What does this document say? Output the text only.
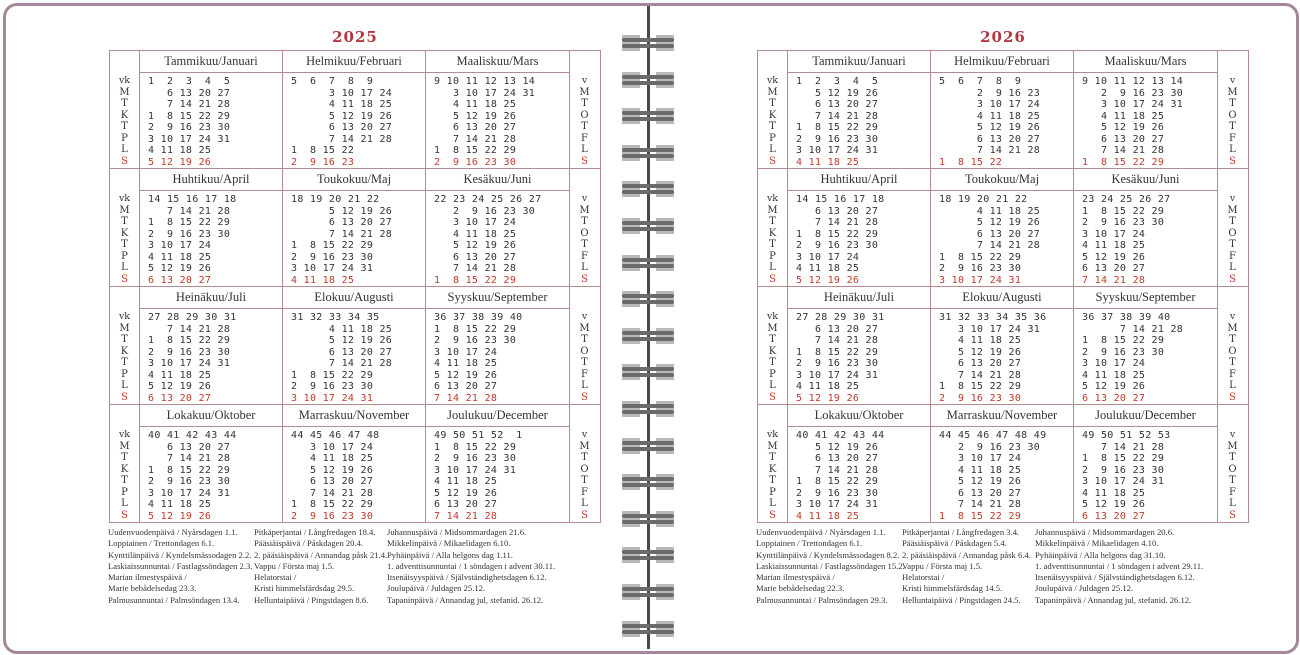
2025
vk
M
T
K
T
P
L
S
Tammikuu/Januari
1  2  3  4  5
6 13 20 27
7 14 21 28
1  8 15 22 29
2  9 16 23 30
3 10 17 24 31
4 11 18 25
5 12 19 26
Helmikuu/Februari
5  6  7  8  9
3 10 17 24
4 11 18 25
5 12 19 26
6 13 20 27
7 14 21 28
1  8 15 22
2  9 16 23
Maaliskuu/Mars
9 10 11 12 13 14
3 10 17 24 31
4 11 18 25
5 12 19 26
6 13 20 27
7 14 21 28
1  8 15 22 29
2  9 16 23 30
v
M
T
O
T
F
L
S
vk
M
T
K
T
P
L
S
Huhtikuu/April
14 15 16 17 18
7 14 21 28
1  8 15 22 29
2  9 16 23 30
3 10 17 24
4 11 18 25
5 12 19 26
6 13 20 27
Toukokuu/Maj
18 19 20 21 22
5 12 19 26
6 13 20 27
7 14 21 28
1  8 15 22 29
2  9 16 23 30
3 10 17 24 31
4 11 18 25
Kesäkuu/Juni
22 23 24 25 26 27
2  9 16 23 30
3 10 17 24
4 11 18 25
5 12 19 26
6 13 20 27
7 14 21 28
1  8 15 22 29
v
M
T
O
T
F
L
S
vk
M
T
K
T
P
L
S
Heinäkuu/Juli
27 28 29 30 31
7 14 21 28
1  8 15 22 29
2  9 16 23 30
3 10 17 24 31
4 11 18 25
5 12 19 26
6 13 20 27
Elokuu/Augusti
31 32 33 34 35
4 11 18 25
5 12 19 26
6 13 20 27
7 14 21 28
1  8 15 22 29
2  9 16 23 30
3 10 17 24 31
Syyskuu/September
36 37 38 39 40
1  8 15 22 29
2  9 16 23 30
3 10 17 24
4 11 18 25
5 12 19 26
6 13 20 27
7 14 21 28
v
M
T
O
T
F
L
S
vk
M
T
K
T
P
L
S
Lokakuu/Oktober
40 41 42 43 44
6 13 20 27
7 14 21 28
1  8 15 22 29
2  9 16 23 30
3 10 17 24 31
4 11 18 25
5 12 19 26
Marraskuu/November
44 45 46 47 48
3 10 17 24
4 11 18 25
5 12 19 26
6 13 20 27
7 14 21 28
1  8 15 22 29
2  9 16 23 30
Joulukuu/December
49 50 51 52  1
1  8 15 22 29
2  9 16 23 30
3 10 17 24 31
4 11 18 25
5 12 19 26
6 13 20 27
7 14 21 28
v
M
T
O
T
F
L
S
2026
vk
M
T
K
T
P
L
S
Tammikuu/Januari
1  2  3  4  5
5 12 19 26
6 13 20 27
7 14 21 28
1  8 15 22 29
2  9 16 23 30
3 10 17 24 31
4 11 18 25
Helmikuu/Februari
5  6  7  8  9
2  9 16 23
3 10 17 24
4 11 18 25
5 12 19 26
6 13 20 27
7 14 21 28
1  8 15 22
Maaliskuu/Mars
9 10 11 12 13 14
2  9 16 23 30
3 10 17 24 31
4 11 18 25
5 12 19 26
6 13 20 27
7 14 21 28
1  8 15 22 29
v
M
T
O
T
F
L
S
vk
M
T
K
T
P
L
S
Huhtikuu/April
14 15 16 17 18
6 13 20 27
7 14 21 28
1  8 15 22 29
2  9 16 23 30
3 10 17 24
4 11 18 25
5 12 19 26
Toukokuu/Maj
18 19 20 21 22
4 11 18 25
5 12 19 26
6 13 20 27
7 14 21 28
1  8 15 22 29
2  9 16 23 30
3 10 17 24 31
Kesäkuu/Juni
23 24 25 26 27
1  8 15 22 29
2  9 16 23 30
3 10 17 24
4 11 18 25
5 12 19 26
6 13 20 27
7 14 21 28
v
M
T
O
T
F
L
S
vk
M
T
K
T
P
L
S
Heinäkuu/Juli
27 28 29 30 31
6 13 20 27
7 14 21 28
1  8 15 22 29
2  9 16 23 30
3 10 17 24 31
4 11 18 25
5 12 19 26
Elokuu/Augusti
31 32 33 34 35 36
3 10 17 24 31
4 11 18 25
5 12 19 26
6 13 20 27
7 14 21 28
1  8 15 22 29
2  9 16 23 30
Syyskuu/September
36 37 38 39 40
7 14 21 28
1  8 15 22 29
2  9 16 23 30
3 10 17 24
4 11 18 25
5 12 19 26
6 13 20 27
v
M
T
O
T
F
L
S
vk
M
T
K
T
P
L
S
Lokakuu/Oktober
40 41 42 43 44
5 12 19 26
6 13 20 27
7 14 21 28
1  8 15 22 29
2  9 16 23 30
3 10 17 24 31
4 11 18 25
Marraskuu/November
44 45 46 47 48 49
2  9 16 23 30
3 10 17 24
4 11 18 25
5 12 19 26
6 13 20 27
7 14 21 28
1  8 15 22 29
Joulukuu/December
49 50 51 52 53
7 14 21 28
1  8 15 22 29
2  9 16 23 30
3 10 17 24 31
4 11 18 25
5 12 19 26
6 13 20 27
v
M
T
O
T
F
L
S
Uudenvuodenpäivä / Nyårsdagen 1.1.
Loppiainen / Trettondagen 6.1.
Kynttilänpäivä / Kyndelsmässodagen 2.2.
Laskiaissunnuntai / Fastlagssöndagen 2.3.
Marian ilmestyspäivä /
Marie bebådelsedag 23.3.
Palmusunnuntai / Palmsöndagen 13.4.
Pitkäperjantai / Långfredagen 18.4.
Pääsiäispäivä / Påskdagen 20.4.
2. pääsiäispäivä / Annandag påsk 21.4.
Vappu / Första maj 1.5.
Helatorstai /
Kristi himmelsfärdsdag 29.5.
Helluntaipäivä / Pingstdagen 8.6.
Juhannuspäivä / Midsommardagen 21.6.
Mikkelinpäivä / Mikaelidagen 6.10.
Pyhäinpäivä / Alla helgons dag 1.11.
1. adventtisunnuntai / 1 söndagen i advent 30.11.
Itsenäisyyspäivä / Självständighetsdagen 6.12.
Joulupäivä / Juldagen 25.12.
Tapaninpäivä / Annandag jul, stefanid. 26.12.
Uudenvuodenpäivä / Nyårsdagen 1.1.
Loppiainen / Trettondagen 6.1.
Kynttilänpäivä / Kyndelsmässodagen 8.2.
Laskiaissunnuntai / Fastlagssöndagen 15.2.
Marian ilmestyspäivä /
Marie bebådelsedag 22.3.
Palmusunnuntai / Palmsöndagen 29.3.
Pitkäperjantai / Långfredagen 3.4.
Pääsiäispäivä / Påskdagen 5.4.
2. pääsiäispäivä / Annandag påsk 6.4.
Vappu / Första maj 1.5.
Helatorstai /
Kristi himmelsfärdsdag 14.5.
Helluntaipäivä / Pingstdagen 24.5.
Juhannuspäivä / Midsommardagen 20.6.
Mikkelinpäivä / Mikaelidagen 4.10.
Pyhäinpäivä / Alla helgons dag 31.10.
1. adventtisunnuntai / 1 söndagen i advent 29.11.
Itsenäisyyspäivä / Självständighetsdagen 6.12.
Joulupäivä / Juldagen 25.12.
Tapaninpäivä / Annandag jul, stefanid. 26.12.
